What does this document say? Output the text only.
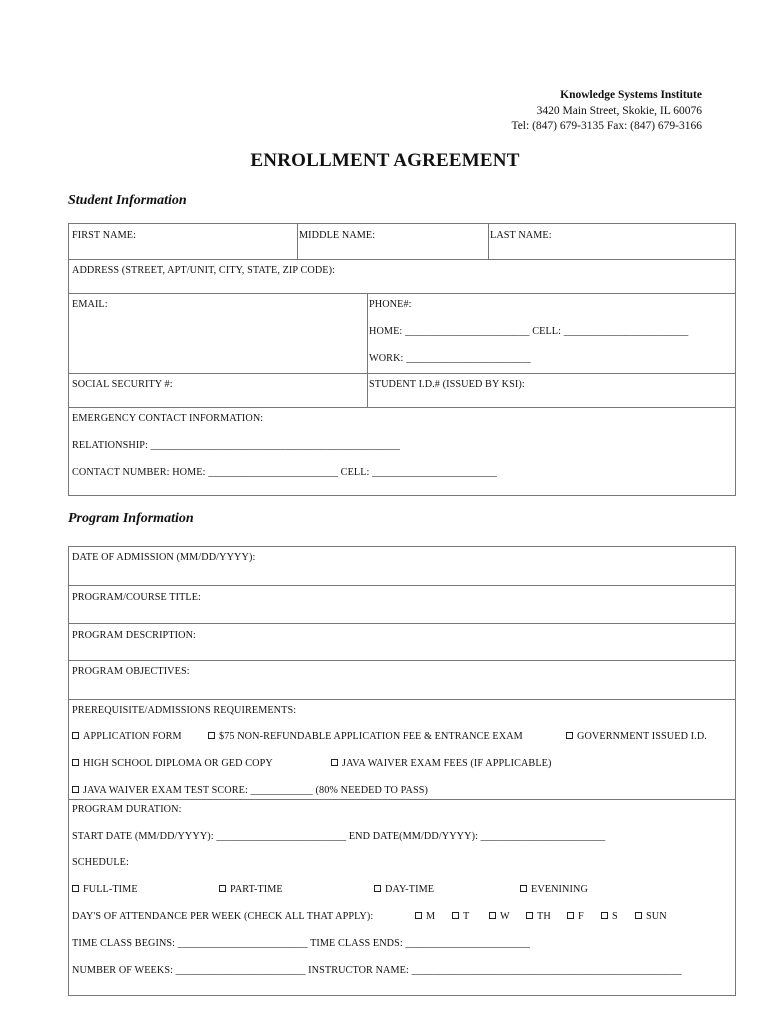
Knowledge Systems Institute
3420 Main Street, Skokie, IL 60076
Tel: (847) 679-3135 Fax: (847) 679-3166
ENROLLMENT AGREEMENT
Student Information
FIRST NAME:	MIDDLE NAME:	LAST NAME:
ADDRESS (STREET, APT/UNIT, CITY, STATE, ZIP CODE):
EMAIL:	PHONE#:
HOME: ________________________ CELL: ________________________
WORK: ________________________
SOCIAL SECURITY #:	STUDENT I.D.# (ISSUED BY KSI):
EMERGENCY CONTACT INFORMATION:
RELATIONSHIP: ________________________________________________
CONTACT NUMBER: HOME: _________________________ CELL: ________________________
Program Information
DATE OF ADMISSION (MM/DD/YYYY):
PROGRAM/COURSE TITLE:
PROGRAM DESCRIPTION:
PROGRAM OBJECTIVES:
PREREQUISITE/ADMISSIONS REQUIREMENTS:
APPLICATION FORM	$75 NON-REFUNDABLE APPLICATION FEE & ENTRANCE EXAM	GOVERNMENT ISSUED I.D.
HIGH SCHOOL DIPLOMA OR GED COPY	JAVA WAIVER EXAM FEES (IF APPLICABLE)
JAVA WAIVER EXAM TEST SCORE: ____________ (80% NEEDED TO PASS)
PROGRAM DURATION:
START DATE (MM/DD/YYYY): _________________________ END DATE(MM/DD/YYYY): ________________________
SCHEDULE:
FULL-TIME	PART-TIME	DAY-TIME	EVENINING
DAY'S OF ATTENDANCE PER WEEK (CHECK ALL THAT APPLY):	M	T	W	TH	F	S	SUN
TIME CLASS BEGINS: _________________________ TIME CLASS ENDS: ________________________
NUMBER OF WEEKS: _________________________ INSTRUCTOR NAME: ____________________________________________________
